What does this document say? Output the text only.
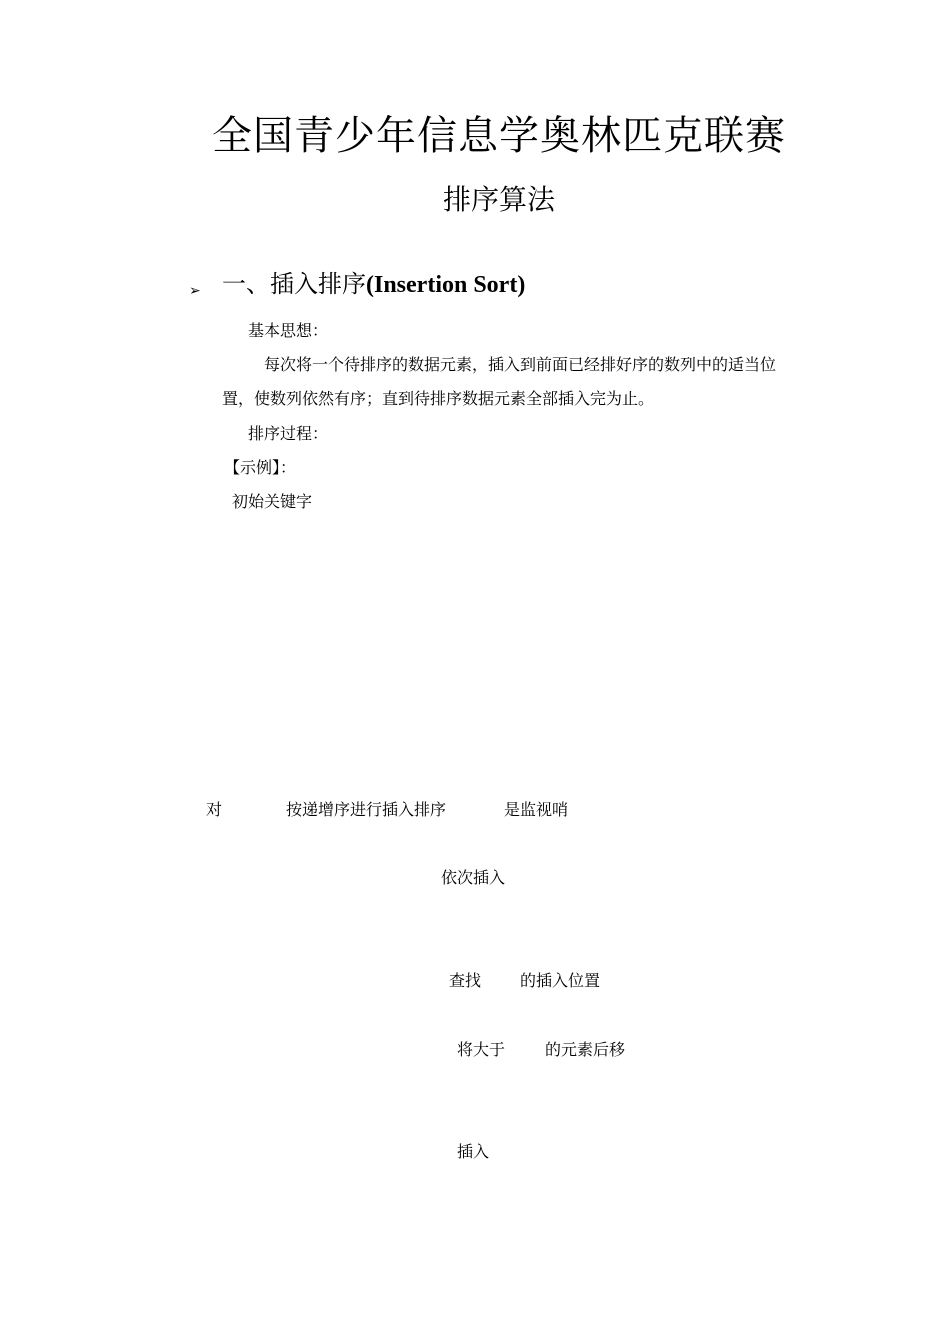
全国青少年信息学奥林匹克联赛
排序算法
➢ 一、插入排序(Insertion Sort)
基本思想：
每次将一个待排序的数据元素，插入到前面已经排好序的数列中的适当位
置，使数列依然有序；直到待排序数据元素全部插入完为止。
排序过程：
【示例】：
初始关键字
对	按递增序进行插入排序	是监视哨
依次插入
查找 的插入位置
将大于 的元素后移
插入
